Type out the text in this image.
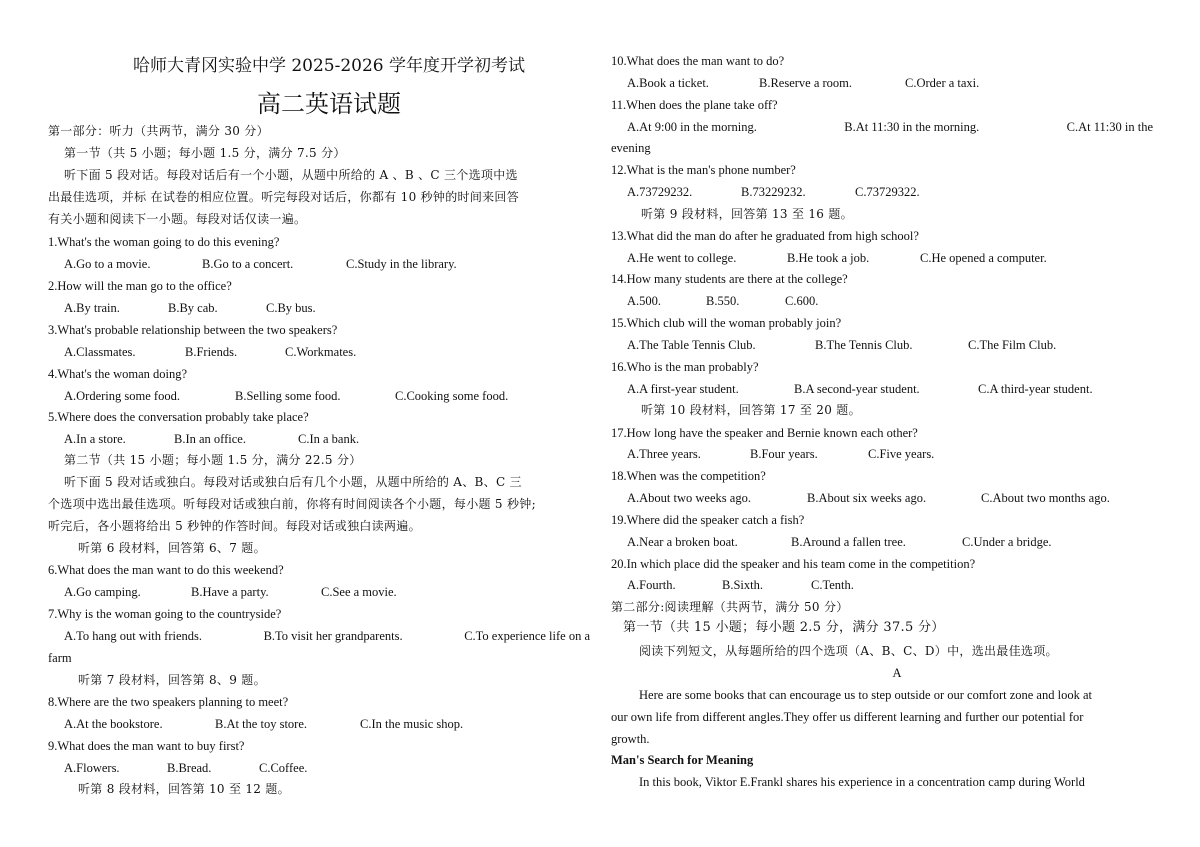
哈师大青冈实验中学 2025-2026 学年度开学初考试
高二英语试题
第一部分：听力（共两节，满分 30 分）
第一节（共 5 小题；每小题 1.5 分，满分 7.5 分）
听下面 5 段对话。每段对话后有一个小题，从题中所给的 A 、B 、C 三个选项中选
出最佳选项，并标 在试卷的相应位置。听完每段对话后，你都有 10 秒钟的时间来回答
有关小题和阅读下一小题。每段对话仅读一遍。
1.What's the woman going to do this evening?
A.Go to a movie.	B.Go to a concert.	C.Study in the library.
2.How will the man go to the office?
A.By train.	B.By cab.	C.By bus.
3.What's probable relationship between the two speakers?
A.Classmates.	B.Friends.	C.Workmates.
4.What's the woman doing?
A.Ordering some food.	B.Selling some food.	C.Cooking some food.
5.Where does the conversation probably take place?
A.In a store.	B.In an office.	C.In a bank.
第二节（共 15 小题；每小题 1.5 分，满分 22.5 分）
听下面 5 段对话或独白。每段对话或独白后有几个小题，从题中所给的 A、B、C 三
个选项中选出最佳选项。听每段对话或独白前，你将有时间阅读各个小题，每小题 5 秒钟;
听完后，各小题将给出 5 秒钟的作答时间。每段对话或独白读两遍。
听第 6 段材料，回答第 6、7 题。
6.What does the man want to do this weekend?
A.Go camping.	B.Have a party.	C.See a movie.
7.Why is the woman going to the countryside?
A.To hang out with friends.	B.To visit her grandparents.	C.To experience life on a
farm
听第 7 段材料，回答第 8、9 题。
8.Where are the two speakers planning to meet?
A.At the bookstore.	B.At the toy store.	C.In the music shop.
9.What does the man want to buy first?
A.Flowers.	B.Bread.	C.Coffee.
听第 8 段材料，回答第 10 至 12 题。
10.What does the man want to do?
A.Book a ticket.	B.Reserve a room.	C.Order a taxi.
11.When does the plane take off?
A.At 9:00 in the morning.	B.At 11:30 in the morning.	C.At 11:30 in the
evening
12.What is the man's phone number?
A.73729232.	B.73229232.	C.73729322.
听第 9 段材料，回答第 13 至 16 题。
13.What did the man do after he graduated from high school?
A.He went to college.	B.He took a job.	C.He opened a computer.
14.How many students are there at the college?
A.500.	B.550.	C.600.
15.Which club will the woman probably join?
A.The Table Tennis Club.	B.The Tennis Club.	C.The Film Club.
16.Who is the man probably?
A.A first-year student.	B.A second-year student.	C.A third-year student.
听第 10 段材料，回答第 17 至 20 题。
17.How long have the speaker and Bernie known each other?
A.Three years.	B.Four years.	C.Five years.
18.When was the competition?
A.About two weeks ago.	B.About six weeks ago.	C.About two months ago.
19.Where did the speaker catch a fish?
A.Near a broken boat.	B.Around a fallen tree.	C.Under a bridge.
20.In which place did the speaker and his team come in the competition?
A.Fourth.	B.Sixth.	C.Tenth.
第二部分:阅读理解（共两节，满分 50 分）
第一节（共 15 小题；每小题 2.5 分，满分 37.5 分）
阅读下列短文，从每题所给的四个选项（A、B、C、D）中，选出最佳选项。
A
Here are some books that can encourage us to step outside or our comfort zone and look at
our own life from different angles.They offer us different learning and further our potential for
growth.
Man's Search for Meaning
In this book, Viktor E.Frankl shares his experience in a concentration camp during World
